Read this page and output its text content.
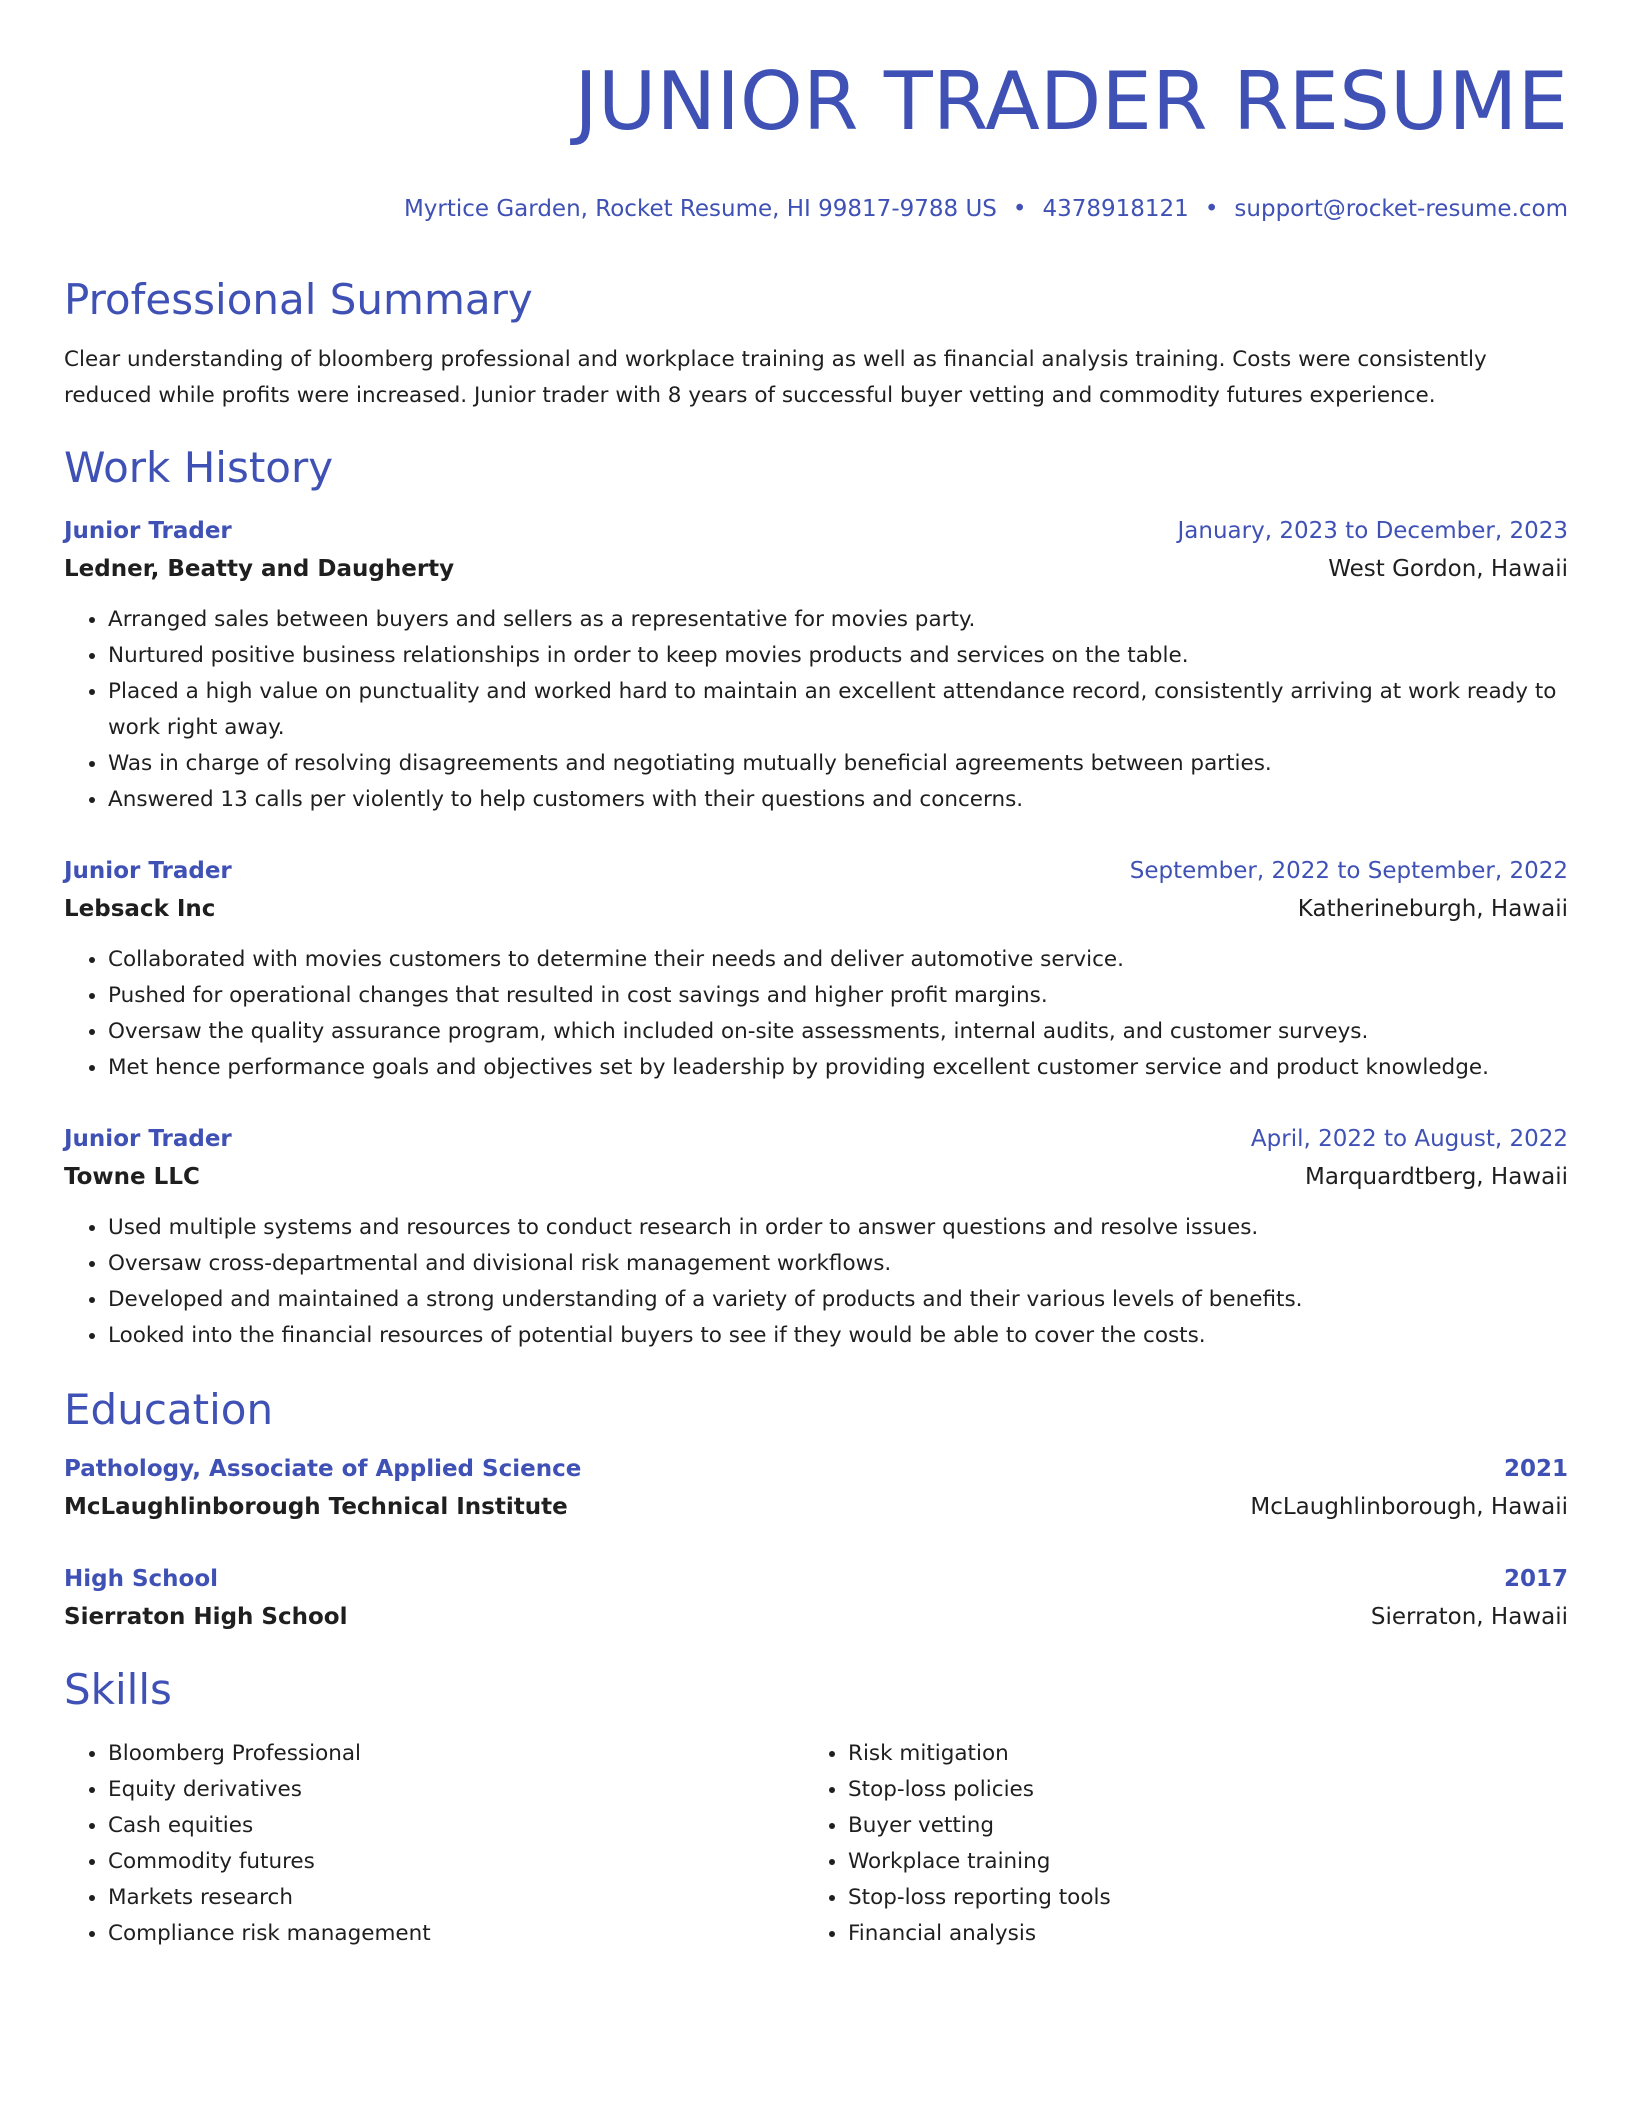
JUNIOR TRADER RESUME
Myrtice Garden, Rocket Resume, HI 99817-9788 US • 4378918121 • support@rocket-resume.com
Professional Summary

Clear understanding of bloomberg professional and workplace training as well as financial analysis training. Costs were consistently reduced while profits were increased. Junior trader with 8 years of successful buyer vetting and commodity futures experience.

Work History
Junior Trader	January, 2023 to December, 2023
Ledner, Beatty and Daugherty	West Gordon, Hawaii
• Arranged sales between buyers and sellers as a representative for movies party.
• Nurtured positive business relationships in order to keep movies products and services on the table.
• Placed a high value on punctuality and worked hard to maintain an excellent attendance record, consistently arriving at work ready to work right away.
• Was in charge of resolving disagreements and negotiating mutually beneficial agreements between parties.
• Answered 13 calls per violently to help customers with their questions and concerns.
Junior Trader	September, 2022 to September, 2022
Lebsack Inc	Katherineburgh, Hawaii
• Collaborated with movies customers to determine their needs and deliver automotive service.
• Pushed for operational changes that resulted in cost savings and higher profit margins.
• Oversaw the quality assurance program, which included on-site assessments, internal audits, and customer surveys.
• Met hence performance goals and objectives set by leadership by providing excellent customer service and product knowledge.
Junior Trader	April, 2022 to August, 2022
Towne LLC	Marquardtberg, Hawaii
• Used multiple systems and resources to conduct research in order to answer questions and resolve issues.
• Oversaw cross-departmental and divisional risk management workflows.
• Developed and maintained a strong understanding of a variety of products and their various levels of benefits.
• Looked into the financial resources of potential buyers to see if they would be able to cover the costs.
Education
Pathology, Associate of Applied Science	2021
McLaughlinborough Technical Institute	McLaughlinborough, Hawaii
High School	2017
Sierraton High School	Sierraton, Hawaii
Skills
• Bloomberg Professional
• Equity derivatives
• Cash equities
• Commodity futures
• Markets research
• Compliance risk management
• Risk mitigation
• Stop-loss policies
• Buyer vetting
• Workplace training
• Stop-loss reporting tools
• Financial analysis
